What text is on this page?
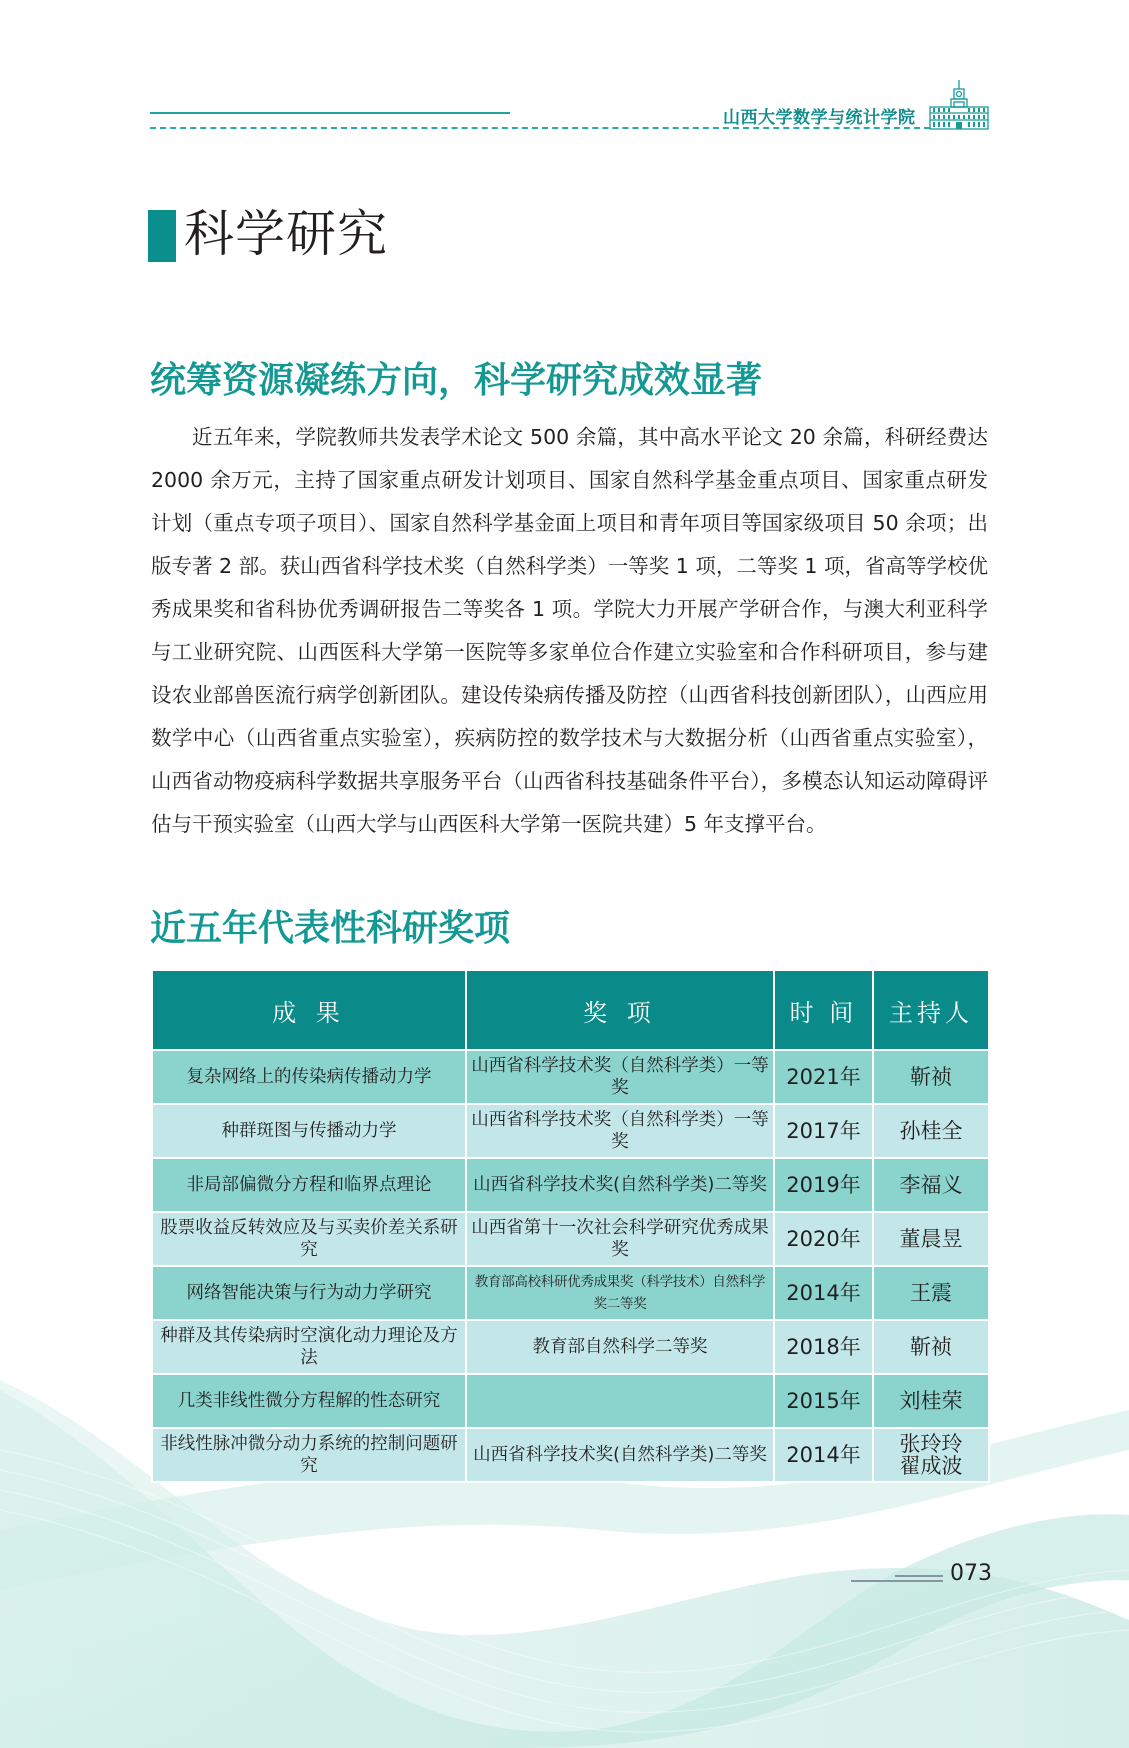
山西大学数学与统计学院
科学研究
统筹资源凝练方向，科学研究成效显著
近五年来，学院教师共发表学术论文 500 余篇，其中高水平论文 20 余篇，科研经费达 2000 余万元，主持了国家重点研发计划项目、国家自然科学基金重点项目、国家重点研发计划（重点专项子项目）、国家自然科学基金面上项目和青年项目等国家级项目 50 余项；出版专著 2 部。获山西省科学技术奖（自然科学类）一等奖 1 项，二等奖 1 项，省高等学校优秀成果奖和省科协优秀调研报告二等奖各 1 项。学院大力开展产学研合作，与澳大利亚科学与工业研究院、山西医科大学第一医院等多家单位合作建立实验室和合作科研项目，参与建设农业部兽医流行病学创新团队。建设传染病传播及防控（山西省科技创新团队），山西应用数学中心（山西省重点实验室），疾病防控的数学技术与大数据分析（山西省重点实验室），山西省动物疫病科学数据共享服务平台（山西省科技基础条件平台），多模态认知运动障碍评估与干预实验室（山西大学与山西医科大学第一医院共建）5 年支撑平台。
近五年代表性科研奖项
成 果	奖 项	时 间	主持人
复杂网络上的传染病传播动力学	山西省科学技术奖（自然科学类）一等奖	2021年	靳祯
种群斑图与传播动力学	山西省科学技术奖（自然科学类）一等奖	2017年	孙桂全
非局部偏微分方程和临界点理论	山西省科学技术奖(自然科学类)二等奖	2019年	李福义
股票收益反转效应及与买卖价差关系研究	山西省第十一次社会科学研究优秀成果奖	2020年	董晨昱
网络智能决策与行为动力学研究	教育部高校科研优秀成果奖（科学技术）自然科学奖二等奖	2014年	王震
种群及其传染病时空演化动力理论及方法	教育部自然科学二等奖	2018年	靳祯
几类非线性微分方程解的性态研究		2015年	刘桂荣
非线性脉冲微分动力系统的控制问题研究	山西省科学技术奖(自然科学类)二等奖	2014年	张玲玲
翟成波
073
